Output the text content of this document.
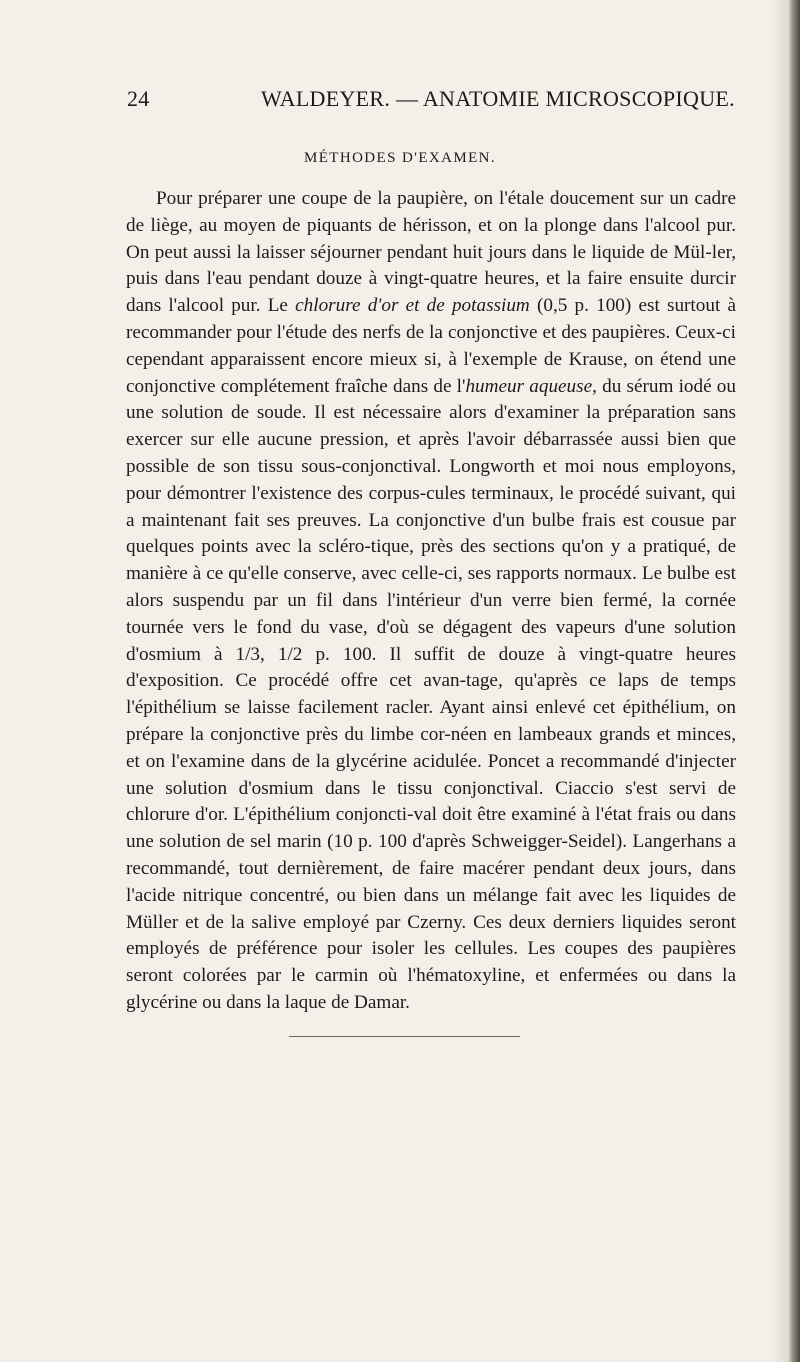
24	WALDEYER. — ANATOMIE MICROSCOPIQUE.
MÉTHODES D'EXAMEN.

Pour préparer une coupe de la paupière, on l'étale doucement sur un cadre de liège, au moyen de piquants de hérisson, et on la plonge dans l'alcool pur. On peut aussi la laisser séjourner pendant huit jours dans le liquide de Mül-ler, puis dans l'eau pendant douze à vingt-quatre heures, et la faire ensuite durcir dans l'alcool pur. Le chlorure d'or et de potassium (0,5 p. 100) est surtout à recommander pour l'étude des nerfs de la conjonctive et des paupières. Ceux-ci cependant apparaissent encore mieux si, à l'exemple de Krause, on étend une conjonctive complétement fraîche dans de l'humeur aqueuse, du sérum iodé ou une solution de soude. Il est nécessaire alors d'examiner la préparation sans exercer sur elle aucune pression, et après l'avoir débarrassée aussi bien que possible de son tissu sous-conjonctival. Longworth et moi nous employons, pour démontrer l'existence des corpus-cules terminaux, le procédé suivant, qui a maintenant fait ses preuves. La conjonctive d'un bulbe frais est cousue par quelques points avec la scléro-tique, près des sections qu'on y a pratiqué, de manière à ce qu'elle conserve, avec celle-ci, ses rapports normaux. Le bulbe est alors suspendu par un fil dans l'intérieur d'un verre bien fermé, la cornée tournée vers le fond du vase, d'où se dégagent des vapeurs d'une solution d'osmium à 1/3, 1/2 p. 100. Il suffit de douze à vingt-quatre heures d'exposition. Ce procédé offre cet avan-tage, qu'après ce laps de temps l'épithélium se laisse facilement racler. Ayant ainsi enlevé cet épithélium, on prépare la conjonctive près du limbe cor-néen en lambeaux grands et minces, et on l'examine dans de la glycérine acidulée. Poncet a recommandé d'injecter une solution d'osmium dans le tissu conjonctival. Ciaccio s'est servi de chlorure d'or. L'épithélium conjoncti-val doit être examiné à l'état frais ou dans une solution de sel marin (10 p. 100 d'après Schweigger-Seidel). Langerhans a recommandé, tout dernièrement, de faire macérer pendant deux jours, dans l'acide nitrique concentré, ou bien dans un mélange fait avec les liquides de Müller et de la salive employé par Czerny. Ces deux derniers liquides seront employés de préférence pour isoler les cellules. Les coupes des paupières seront colorées par le carmin où l'hématoxyline, et enfermées ou dans la glycérine ou dans la laque de Damar.
